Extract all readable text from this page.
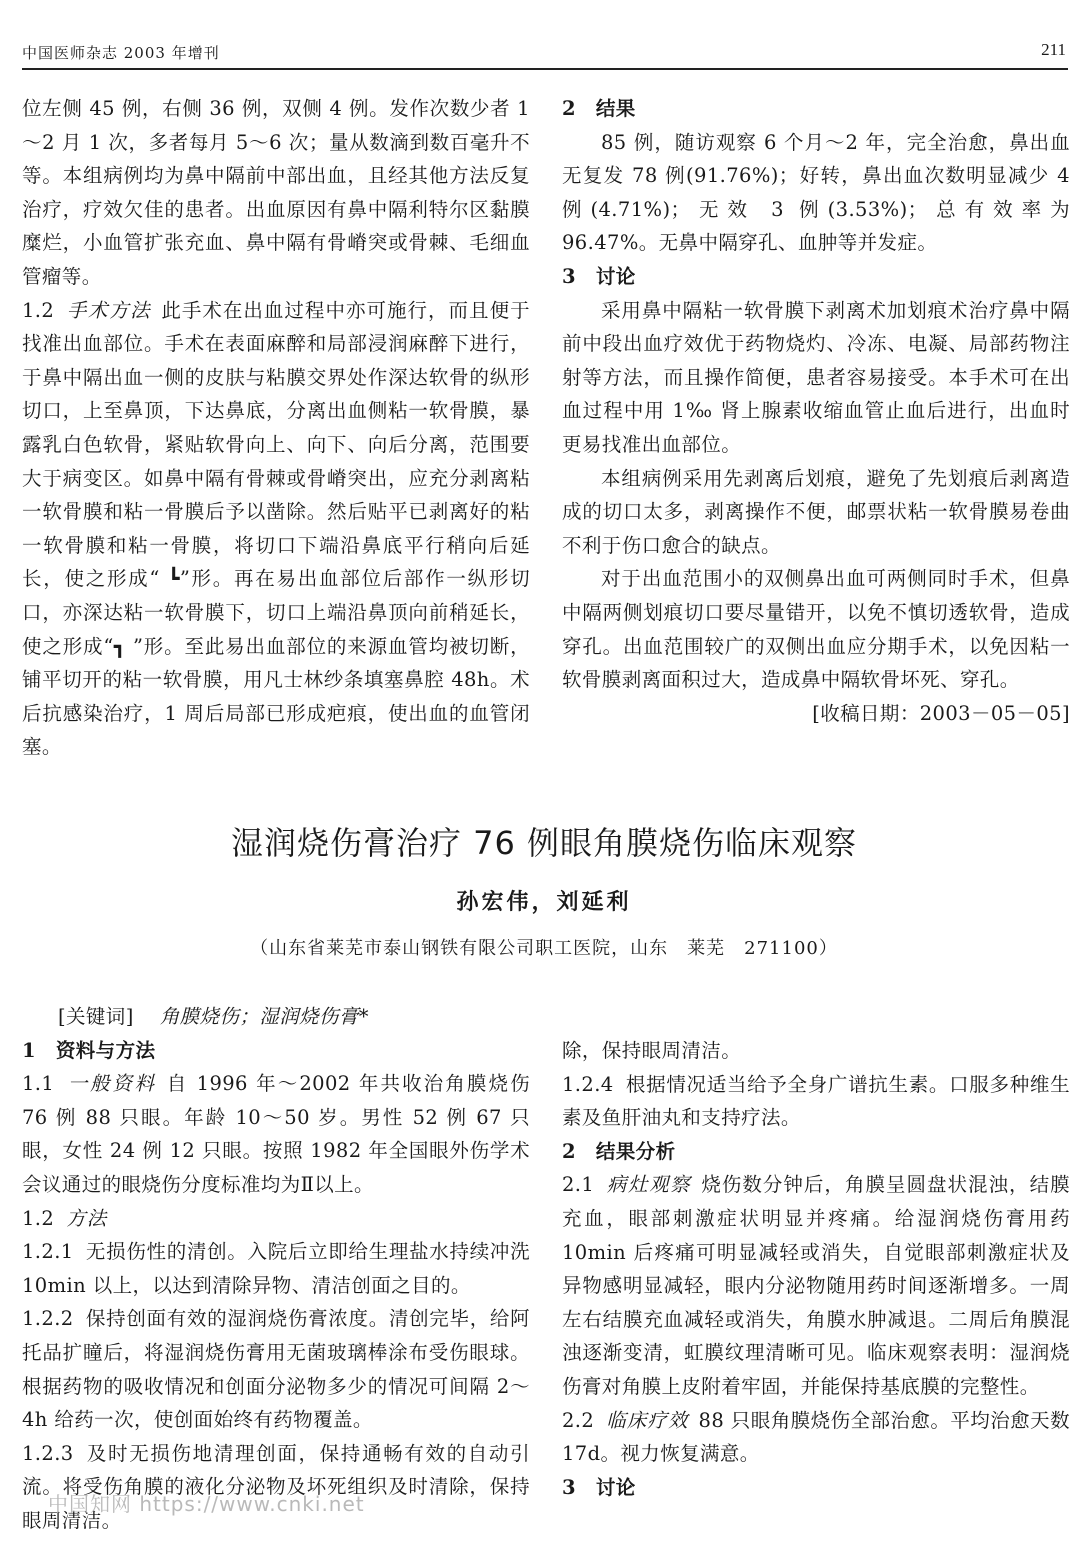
中国医师杂志 2003 年增刊	211

位左侧 45 例，右侧 36 例，双侧 4 例。发作次数少者 1～2 月 1 次，多者每月 5～6 次；量从数滴到数百毫升不等。本组病例均为鼻中隔前中部出血，且经其他方法反复治疗，疗效欠佳的患者。出血原因有鼻中隔利特尔区黏膜糜烂，小血管扩张充血、鼻中隔有骨嵴突或骨棘、毛细血管瘤等。

1.2 手术方法 此手术在出血过程中亦可施行，而且便于找准出血部位。手术在表面麻醉和局部浸润麻醉下进行，于鼻中隔出血一侧的皮肤与粘膜交界处作深达软骨的纵形切口，上至鼻顶，下达鼻底，分离出血侧粘一软骨膜，暴露乳白色软骨，紧贴软骨向上、向下、向后分离，范围要大于病变区。如鼻中隔有骨棘或骨嵴突出，应充分剥离粘一软骨膜和粘一骨膜后予以凿除。然后贴平已剥离好的粘一软骨膜和粘一骨膜，将切口下端沿鼻底平行稍向后延长，使之形成“ ┗”形。再在易出血部位后部作一纵形切口，亦深达粘一软骨膜下，切口上端沿鼻顶向前稍延长，使之形成“┓ ”形。至此易出血部位的来源血管均被切断，铺平切开的粘一软骨膜，用凡士林纱条填塞鼻腔 48h。术后抗感染治疗，1 周后局部已形成疤痕，使出血的血管闭塞。

2　结果

85 例，随访观察 6 个月～2 年，完全治愈，鼻出血无复发 78 例(91.76%)；好转，鼻出血次数明显减少 4 例(4.71%)；无效 3 例(3.53%)；总有效率为 96.47%。无鼻中隔穿孔、血肿等并发症。

3　讨论

采用鼻中隔粘一软骨膜下剥离术加划痕术治疗鼻中隔前中段出血疗效优于药物烧灼、冷冻、电凝、局部药物注射等方法，而且操作简便，患者容易接受。本手术可在出血过程中用 1‰ 肾上腺素收缩血管止血后进行，出血时更易找准出血部位。

本组病例采用先剥离后划痕，避免了先划痕后剥离造成的切口太多，剥离操作不便，邮票状粘一软骨膜易卷曲不利于伤口愈合的缺点。

对于出血范围小的双侧鼻出血可两侧同时手术，但鼻中隔两侧划痕切口要尽量错开，以免不慎切透软骨，造成穿孔。出血范围较广的双侧出血应分期手术，以免因粘一软骨膜剥离面积过大，造成鼻中隔软骨坏死、穿孔。

[收稿日期：2003－05－05]

湿润烧伤膏治疗 76 例眼角膜烧伤临床观察
孙宏伟，刘延利
（山东省莱芜市泰山钢铁有限公司职工医院，山东　莱芜　271100）

[关键词] 角膜烧伤；湿润烧伤膏*

1　资料与方法

1.1 一般资料 自 1996 年～2002 年共收治角膜烧伤 76 例 88 只眼。年龄 10～50 岁。男性 52 例 67 只眼，女性 24 例 12 只眼。按照 1982 年全国眼外伤学术会议通过的眼烧伤分度标准均为Ⅱ以上。

1.2 方法

1.2.1 无损伤性的清创。入院后立即给生理盐水持续冲洗 10min 以上，以达到清除异物、清洁创面之目的。

1.2.2 保持创面有效的湿润烧伤膏浓度。清创完毕，给阿托品扩瞳后，将湿润烧伤膏用无菌玻璃棒涂布受伤眼球。根据药物的吸收情况和创面分泌物多少的情况可间隔 2～4h 给药一次，使创面始终有药物覆盖。

1.2.3 及时无损伤地清理创面，保持通畅有效的自动引流。将受伤角膜的液化分泌物及坏死组织及时清除，保持眼周清洁。

除，保持眼周清洁。

1.2.4 根据情况适当给予全身广谱抗生素。口服多种维生素及鱼肝油丸和支持疗法。

2　结果分析

2.1 病灶观察 烧伤数分钟后，角膜呈圆盘状混浊，结膜充血，眼部刺激症状明显并疼痛。给湿润烧伤膏用药 10min 后疼痛可明显减轻或消失，自觉眼部刺激症状及异物感明显减轻，眼内分泌物随用药时间逐渐增多。一周左右结膜充血减轻或消失，角膜水肿减退。二周后角膜混浊逐渐变清，虹膜纹理清晰可见。临床观察表明：湿润烧伤膏对角膜上皮附着牢固，并能保持基底膜的完整性。

2.2 临床疗效 88 只眼角膜烧伤全部治愈。平均治愈天数 17d。视力恢复满意。

3　讨论

中国知网 https://www.cnki.net
